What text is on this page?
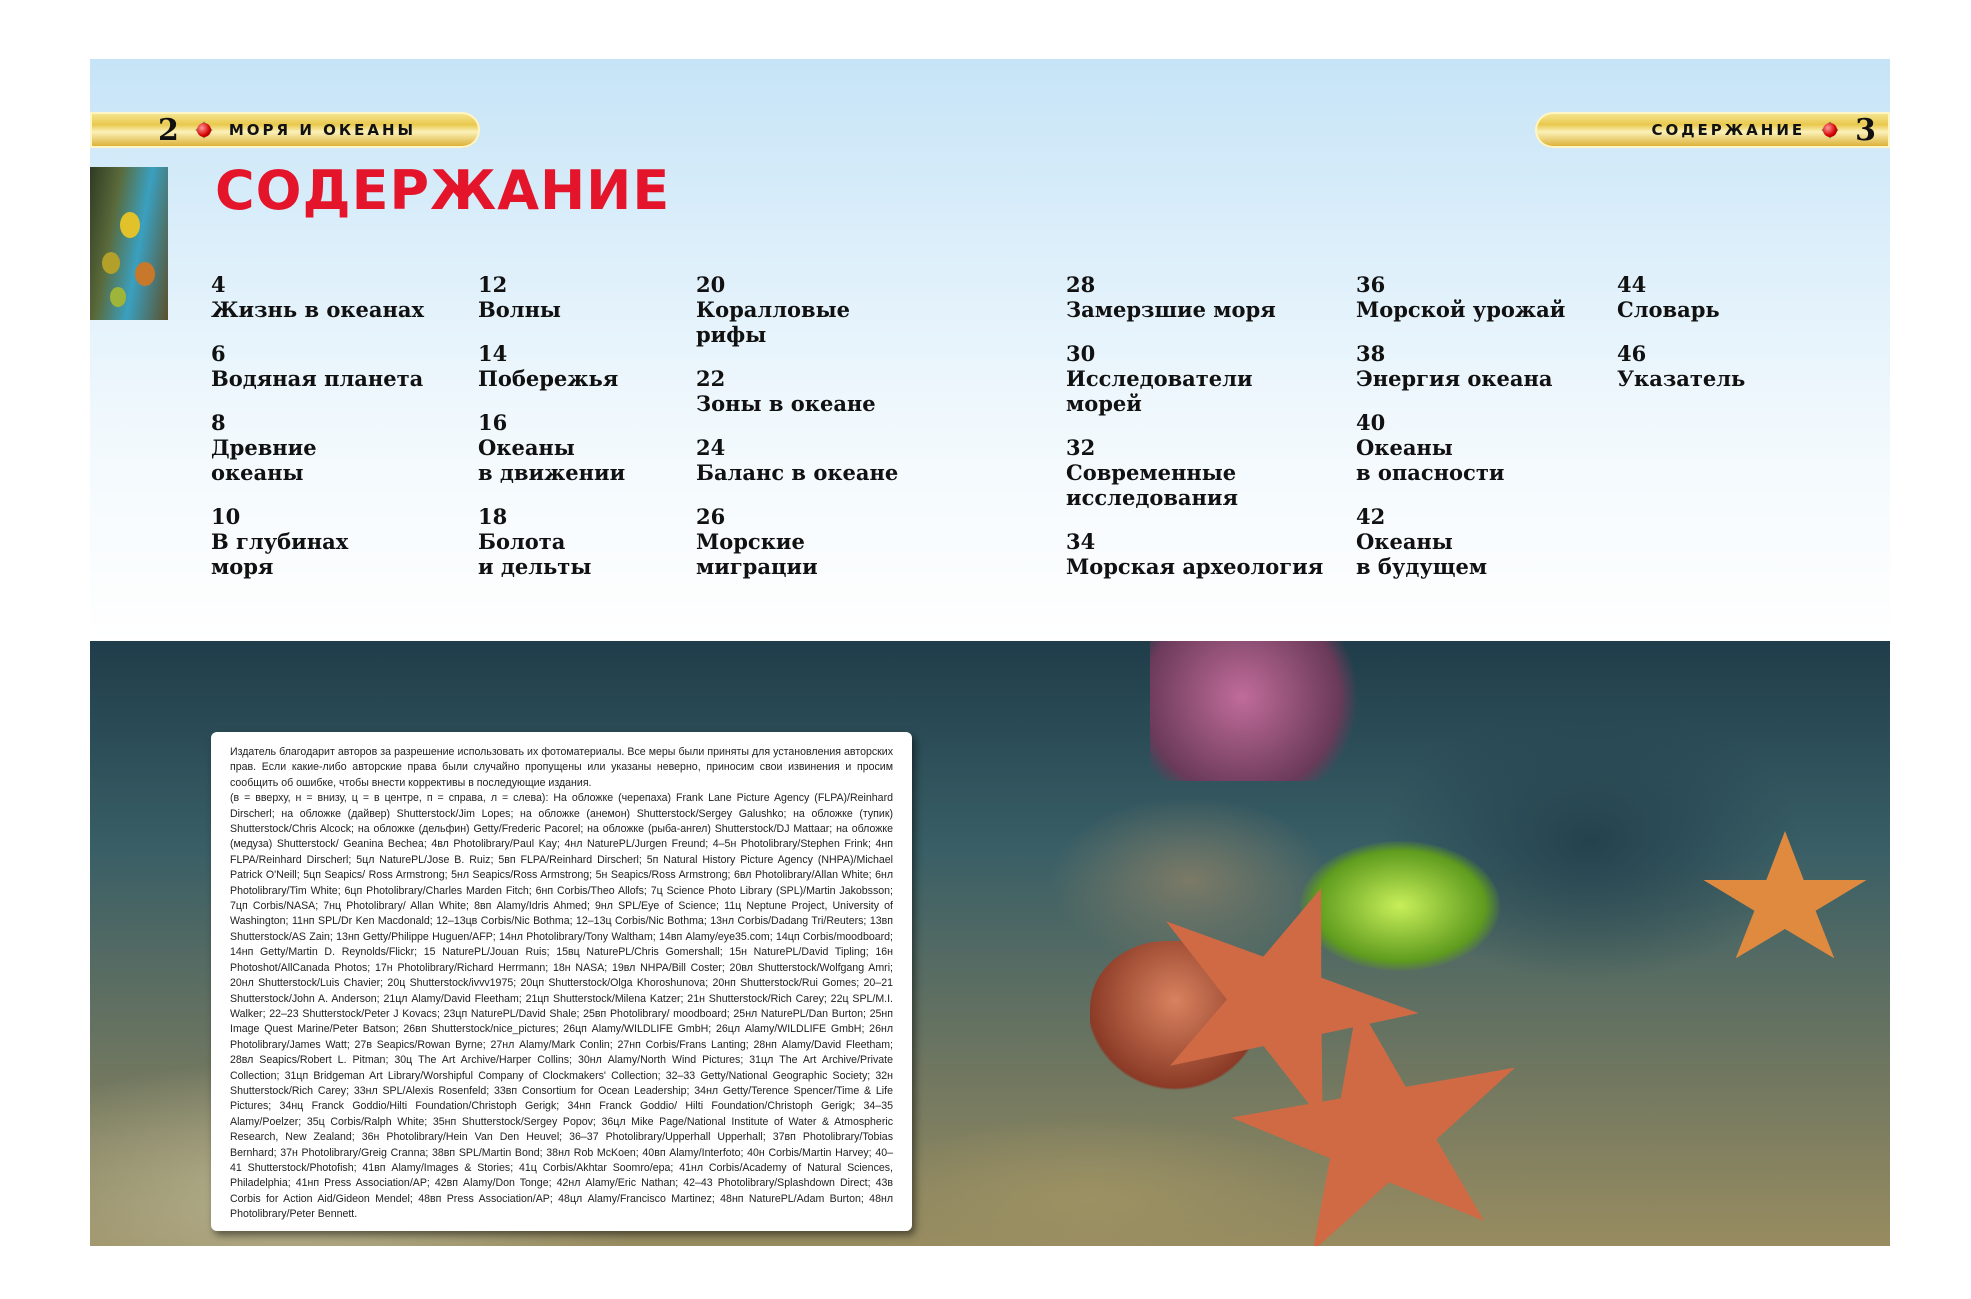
2	МОРЯ И ОКЕАНЫ	СОДЕРЖАНИЕ 3
СОДЕРЖАНИЕ
4
Жизнь в океанах
6
Водяная планета
8
Древние
океаны
10
В глубинах
моря
12
Волны
14
Побережья
16
Океаны
в движении
18
Болота
и дельты
20
Коралловые
рифы
22
Зоны в океане
24
Баланс в океане
26
Морские
миграции
28
Замерзшие моря
30
Исследователи
морей
32
Современные
исследования
34
Морская археология
36
Морской урожай
38
Энергия океана
40
Океаны
в опасности
42
Океаны
в будущем
44
Словарь
46
Указатель

Издатель благодарит авторов за разрешение использовать их фотоматериалы. Все меры были приняты для установления авторских прав. Если какие-либо авторские права были случайно пропущены или указаны неверно, приносим свои извинения и просим сообщить об ошибке, чтобы внести коррективы в последующие издания.

(в = вверху, н = внизу, ц = в центре, п = справа, л = слева): На обложке (черепаха) Frank Lane Picture Agency (FLPA)/Reinhard Dirscherl; на обложке (дайвер) Shutterstock/Jim Lopes; на обложке (анемон) Shutterstock/Sergey Galushko; на обложке (тупик) Shutterstock/Chris Alcock; на обложке (дельфин) Getty/Frederic Pacorel; на обложке (рыба-ангел) Shutterstock/DJ Mattaar; на обложке (медуза) Shutterstock/ Geanina Bechea; 4вл Photolibrary/Paul Kay; 4нл NaturePL/Jurgen Freund; 4–5н Photolibrary/Stephen Frink; 4нп FLPA/Reinhard Dirscherl; 5цл NaturePL/Jose B. Ruiz; 5вп FLPA/Reinhard Dirscherl; 5п Natural History Picture Agency (NHPA)/Michael Patrick O'Neill; 5цп Seapics/ Ross Armstrong; 5нл Seapics/Ross Armstrong; 5н Seapics/Ross Armstrong; 6вл Photolibrary/Allan White; 6нл Photolibrary/Tim White; 6цп Photolibrary/Charles Marden Fitch; 6нп Corbis/Theo Allofs; 7ц Science Photo Library (SPL)/Martin Jakobsson; 7цп Corbis/NASA; 7нц Photolibrary/ Allan White; 8вп Alamy/Idris Ahmed; 9нл SPL/Eye of Science; 11ц Neptune Project, University of Washington; 11нп SPL/Dr Ken Macdonald; 12–13цв Corbis/Nic Bothma; 12–13ц Corbis/Nic Bothma; 13нл Corbis/Dadang Tri/Reuters; 13вп Shutterstock/AS Zain; 13нп Getty/Philippe Huguen/AFP; 14нл Photolibrary/Tony Waltham; 14вп Alamy/eye35.com; 14цп Corbis/moodboard; 14нп Getty/Martin D. Reynolds/Flickr; 15 NaturePL/Jouan Ruis; 15вц NaturePL/Chris Gomershall; 15н NaturePL/David Tipling; 16н Photoshot/AllCanada Photos; 17н Photolibrary/Richard Herrmann; 18н NASA; 19вл NHPA/Bill Coster; 20вл Shutterstock/Wolfgang Amri; 20нл Shutterstock/Luis Chavier; 20ц Shutterstock/ivvv1975; 20цп Shutterstock/Olga Khoroshunova; 20нп Shutterstock/Rui Gomes; 20–21 Shutterstock/John A. Anderson; 21цл Alamy/David Fleetham; 21цп Shutterstock/Milena Katzer; 21н Shutterstock/Rich Carey; 22ц SPL/M.I. Walker; 22–23 Shutterstock/Peter J Kovacs; 23цп NaturePL/David Shale; 25вп Photolibrary/ moodboard; 25нл NaturePL/Dan Burton; 25нп Image Quest Marine/Peter Batson; 26вп Shutterstock/nice_pictures; 26цп Alamy/WILDLIFE GmbH; 26цл Alamy/WILDLIFE GmbH; 26нл Photolibrary/James Watt; 27в Seapics/Rowan Byrne; 27нл Alamy/Mark Conlin; 27нп Corbis/Frans Lanting; 28нп Alamy/David Fleetham; 28вл Seapics/Robert L. Pitman; 30ц The Art Archive/Harper Collins; 30нл Alamy/North Wind Pictures; 31цл The Art Archive/Private Collection; 31цп Bridgeman Art Library/Worshipful Company of Clockmakers' Collection; 32–33 Getty/National Geographic Society; 32н Shutterstock/Rich Carey; 33нл SPL/Alexis Rosenfeld; 33вп Consortium for Ocean Leadership; 34нл Getty/Terence Spencer/Time & Life Pictures; 34нц Franck Goddio/Hilti Foundation/Christoph Gerigk; 34нп Franck Goddio/ Hilti Foundation/Christoph Gerigk; 34–35 Alamy/Poelzer; 35ц Corbis/Ralph White; 35нп Shutterstock/Sergey Popov; 36цл Mike Page/National Institute of Water & Atmospheric Research, New Zealand; 36н Photolibrary/Hein Van Den Heuvel; 36–37 Photolibrary/Upperhall Upperhall; 37вп Photolibrary/Tobias Bernhard; 37н Photolibrary/Greig Cranna; 38вп SPL/Martin Bond; 38нл Rob McKoen; 40вп Alamy/Interfoto; 40н Corbis/Martin Harvey; 40–41 Shutterstock/Photofish; 41вп Alamy/Images & Stories; 41ц Corbis/Akhtar Soomro/epa; 41нл Corbis/Academy of Natural Sciences, Philadelphia; 41нп Press Association/AP; 42вп Alamy/Don Tonge; 42нл Alamy/Eric Nathan; 42–43 Photolibrary/Splashdown Direct; 43в Corbis for Action Aid/Gideon Mendel; 48вп Press Association/AP; 48цл Alamy/Francisco Martinez; 48нп NaturePL/Adam Burton; 48нл Photolibrary/Peter Bennett.
